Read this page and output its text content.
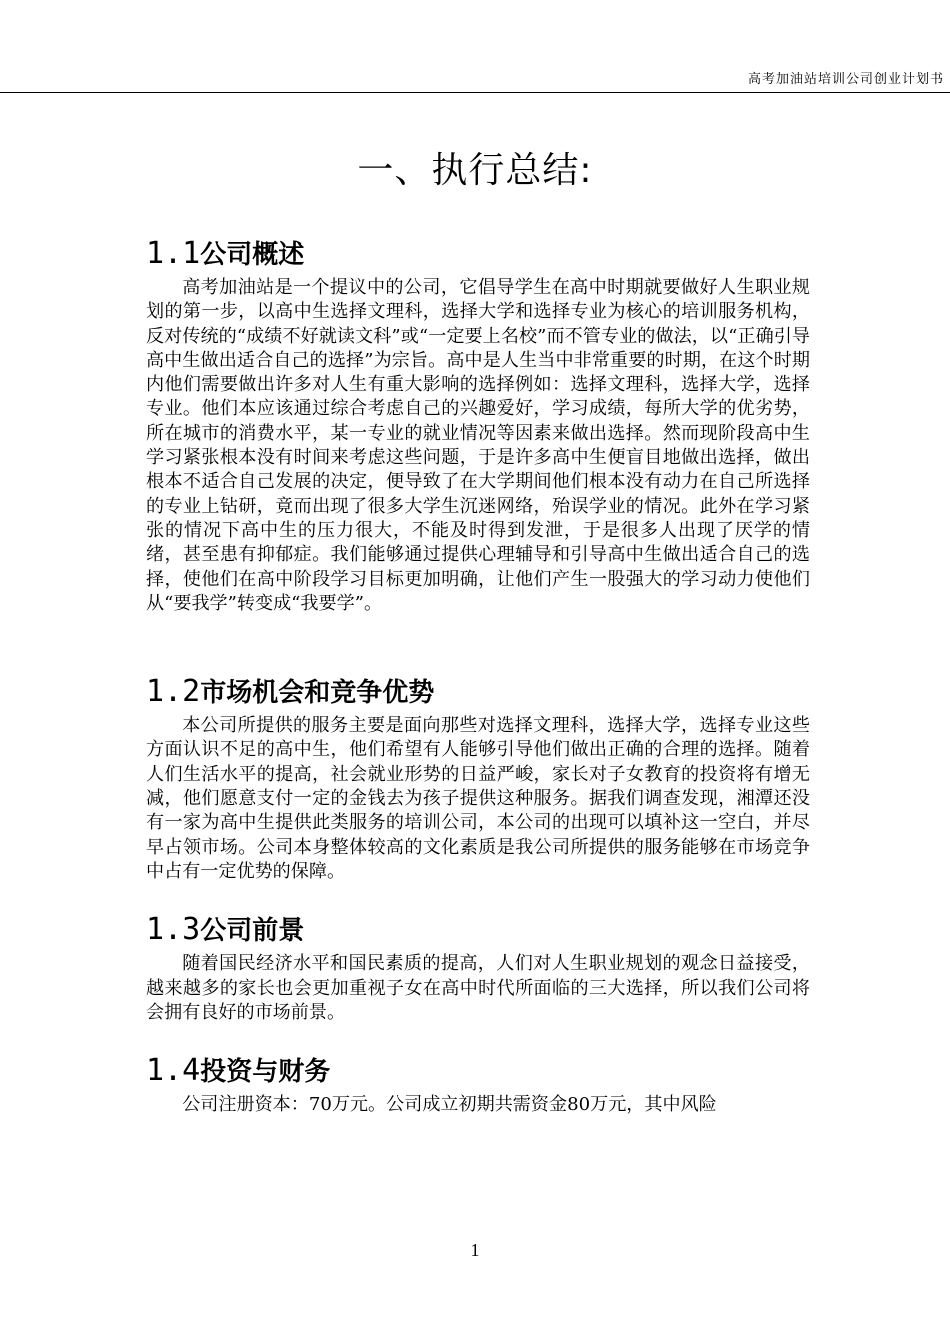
高考加油站培训公司创业计划书
一、执行总结:
1.1公司概述

高考加油站是一个提议中的公司，它倡导学生在高中时期就要做好人生职业规划的第一步，以高中生选择文理科，选择大学和选择专业为核心的培训服务机构，反对传统的“成绩不好就读文科”或“一定要上名校”而不管专业的做法，以“正确引导高中生做出适合自己的选择”为宗旨。高中是人生当中非常重要的时期，在这个时期内他们需要做出许多对人生有重大影响的选择例如：选择文理科，选择大学，选择专业。他们本应该通过综合考虑自己的兴趣爱好，学习成绩，每所大学的优劣势，所在城市的消费水平，某一专业的就业情况等因素来做出选择。然而现阶段高中生学习紧张根本没有时间来考虑这些问题，于是许多高中生便盲目地做出选择，做出根本不适合自己发展的决定，便导致了在大学期间他们根本没有动力在自己所选择的专业上钻研，竟而出现了很多大学生沉迷网络，殆误学业的情况。此外在学习紧张的情况下高中生的压力很大，不能及时得到发泄，于是很多人出现了厌学的情绪，甚至患有抑郁症。我们能够通过提供心理辅导和引导高中生做出适合自己的选择，使他们在高中阶段学习目标更加明确，让他们产生一股强大的学习动力使他们从“要我学”转变成“我要学”。

1.2市场机会和竞争优势

本公司所提供的服务主要是面向那些对选择文理科，选择大学，选择专业这些方面认识不足的高中生，他们希望有人能够引导他们做出正确的合理的选择。随着人们生活水平的提高，社会就业形势的日益严峻，家长对子女教育的投资将有增无减，他们愿意支付一定的金钱去为孩子提供这种服务。据我们调查发现，湘潭还没有一家为高中生提供此类服务的培训公司，本公司的出现可以填补这一空白，并尽早占领市场。公司本身整体较高的文化素质是我公司所提供的服务能够在市场竞争中占有一定优势的保障。

1.3公司前景

随着国民经济水平和国民素质的提高，人们对人生职业规划的观念日益接受，越来越多的家长也会更加重视子女在高中时代所面临的三大选择，所以我们公司将会拥有良好的市场前景。

1.4投资与财务

公司注册资本：70万元。公司成立初期共需资金80万元，其中风险

1
